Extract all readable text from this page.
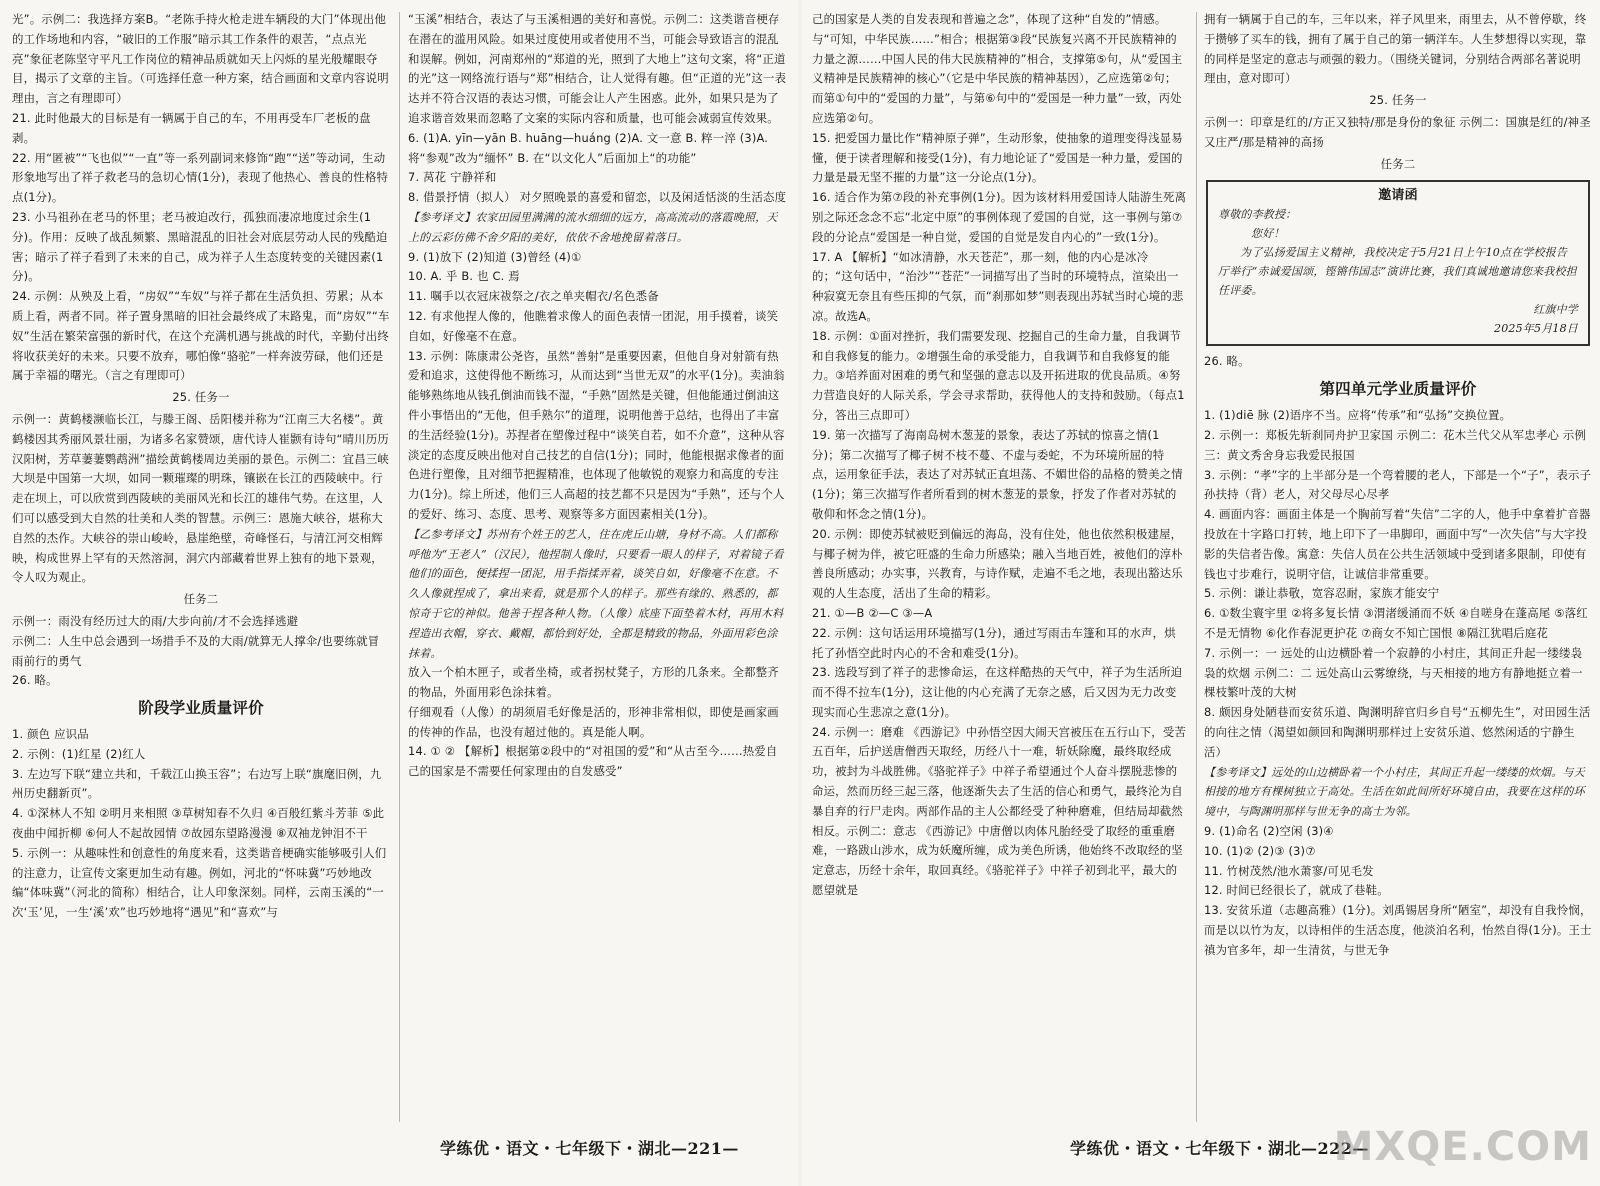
光”。示例二：我选择方案B。“老陈手持火枪走进车辆段的大门”体现出他的工作场地和内容，“破旧的工作服”暗示其工作条件的艰苦，“点点光亮”象征老陈坚守平凡工作岗位的精神品质就如天上闪烁的星光般耀眼夺目，揭示了文章的主旨。（可选择任意一种方案，结合画面和文章内容说明理由，言之有理即可）

21. 此时他最大的目标是有一辆属于自己的车，不用再受车厂老板的盘剥。

22. 用“匿被”“飞也似”“一直”等一系列副词来修饰“跑”“送”等动词，生动形象地写出了祥子救老马的急切心情(1分)，表现了他热心、善良的性格特点(1分)。

23. 小马祖孙在老马的怀里；老马被迫改行，孤独而凄凉地度过余生(1分)。作用：反映了战乱频繁、黑暗混乱的旧社会对底层劳动人民的残酷迫害；暗示了祥子看到了未来的自己，成为祥子人生态度转变的关键因素(1分)。

24. 示例：从殃及上看，“房奴”“车奴”与祥子都在生活负担、劳累；从本质上看，两者不同。祥子置身黑暗的旧社会最终成了末路鬼，而“房奴”“车奴”生活在繁荣富强的新时代，在这个充满机遇与挑战的时代，辛勤付出终将收获美好的未来。只要不放弃，哪怕像“骆驼”一样奔波劳碌，他们还是属于幸福的曙光。（言之有理即可）

25. 任务一

示例一：黄鹤楼濒临长江，与滕王阁、岳阳楼并称为“江南三大名楼”。黄鹤楼因其秀丽风景壮丽，为诸多名家赞颂，唐代诗人崔颢有诗句“晴川历历汉阳树，芳草萋萋鹦鹉洲”描绘黄鹤楼周边美丽的景色。示例二：宜昌三峡大坝是中国第一大坝，如同一颗璀璨的明珠，镶嵌在长江的西陵峡中。行走在坝上，可以欣赏到西陵峡的美丽风光和长江的雄伟气势。在这里，人们可以感受到大自然的壮美和人类的智慧。示例三：恩施大峡谷，堪称大自然的杰作。大峡谷的崇山峻岭，悬崖绝壁，奇峰怪石，与清江河交相辉映，构成世界上罕有的天然溶洞，洞穴内部藏着世界上独有的地下景观，令人叹为观止。

任务二

示例一：雨没有经历过大的雨/大步向前/才不会选择逃避

示例二：人生中总会遇到一场措手不及的大雨/就算无人撑伞/也要练就冒雨前行的勇气

26. 略。

阶段学业质量评价

1. 颜色 应识品

2. 示例：(1)红星 (2)红人

3. 左边写下联“建立共和，千载江山换玉容”；右边写上联“旗麾旧例，九州历史翻新页”。

4. ①深林人不知 ②明月来相照 ③草树知春不久归 ④百般红紫斗芳菲 ⑤此夜曲中闻折柳 ⑥何人不起故园情 ⑦故园东望路漫漫 ⑧双袖龙钟泪不干

5. 示例一：从趣味性和创意性的角度来看，这类谐音梗确实能够吸引人们的注意力，让宣传文案更加生动有趣。例如，河北的“怀味冀”巧妙地改编“体味冀”（河北的简称）相结合，让人印象深刻。同样，云南玉溪的“一次‘玉’见，一生‘溪’欢”也巧妙地将“遇见”和“喜欢”与

“玉溪”相结合，表达了与玉溪相遇的美好和喜悦。示例二：这类谐音梗存在潜在的滥用风险。如果过度使用或者使用不当，可能会导致语言的混乱和误解。例如，河南郑州的“郑道的光，照到了大地上”这句文案，将“正道的光”这一网络流行语与“郑”相结合，让人觉得有趣。但“正道的光”这一表达并不符合汉语的表达习惯，可能会让人产生困惑。此外，如果只是为了追求谐音效果而忽略了文案的实际内容和质量，也可能会减弱宣传效果。

6. (1)A. yīn—yān B. huāng—huáng (2)A. 文一意 B. 粹一淬 (3)A. 将“参观”改为“缅怀” B. 在“以文化人”后面加上“的功能”

7. 莴花 宁静祥和

8. 借景抒情（拟人） 对夕照晚景的喜爱和留恋，以及闲适恬淡的生活态度

【参考译文】农家田园里满满的流水细细的远方，高高流动的落霞晚照，天上的云彩仿佛不舍夕阳的美好，依依不舍地挽留着落日。

9. (1)放下 (2)知道 (3)曾经 (4)①

10. A. 乎 B. 也 C. 焉

11. 嘱手以衣冠床祓祭之/衣之单夹帽衣/名色悉备

12. 有求他捏人像的，他瞧着求像人的面色表情一团泥，用手摸着，谈笑自如，好像毫不在意。

13. 示例：陈康肃公尧咨，虽然“善射”是重要因素，但他自身对射箭有热爱和追求，这使得他不断练习，从而达到“当世无双”的水平(1分)。卖油翁能够熟练地从钱孔倒油而钱不湿，“手熟”固然是关键，但他能通过倒油这件小事悟出的“无他，但手熟尔”的道理，说明他善于总结，也得出了丰富的生活经验(1分)。苏捏者在塑像过程中“谈笑自若，如不介意”，这种从容淡定的态度反映出他对自己技艺的自信(1分)；同时，他能根据求像者的面色进行塑像，且对细节把握精准，也体现了他敏锐的观察力和高度的专注力(1分)。综上所述，他们三人高超的技艺都不只是因为“手熟”，还与个人的爱好、练习、态度、思考、观察等多方面因素相关(1分)。

【乙参考译文】苏州有个姓王的艺人，住在虎丘山塘，身材不高。人们都称呼他为“王老人”（汉民），他捏制人像时，只要看一眼人的样子，对着镜子看他们的面色，便揉捏一团泥，用手指揉弄着，谈笑自如，好像毫不在意。不久人像就捏成了，拿出来看，就是那个人的样子。那些有缘的、熟悉的，都惊奇于它的神似。他善于捏各种人物。（人像）底座下面垫着木材，再用木料捏造出衣帽，穿衣、戴帽，都恰到好处，全都是精致的物品，外面用彩色涂抹着。

放入一个柏木匣子，或者坐椅，或者拐杖凳子，方形的几条来。全都整齐的物品，外面用彩色涂抹着。

仔细观看（人像）的胡须眉毛好像是活的，形神非常相似，即使是画家画的传神的作品，也没有超过他的。真是能人啊。

14. ① ② 【解析】根据第②段中的“对祖国的爱”和“从古至今……热爱自己的国家是不需要任何家理由的自发感受”

学练优・语文・七年级下・湖北—221—

己的国家是人类的自发表现和普遍之念”，体现了这种“自发的”情感。与“可知，中华民族……”相合；根据第③段“民族复兴离不开民族精神的力量之源……中国人民的伟大民族精神的”相合，支撑第⑤句，从“爱国主义精神是民族精神的核心”（它是中华民族的精神基因），乙应选第②句；而第①句中的“爱国的力量”，与第⑥句中的“爱国是一种力量”一致，丙处应选第②句。

15. 把爱国力量比作“精神原子弹”，生动形象，使抽象的道理变得浅显易懂，便于读者理解和接受(1分)，有力地论证了“爱国是一种力量，爱国的力量是最无坚不摧的力量”这一分论点(1分)。

16. 适合作为第⑦段的补充事例(1分)。因为该材料用爱国诗人陆游生死离别之际还念念不忘“北定中原”的事例体现了爱国的自觉，这一事例与第⑦段的分论点“爱国是一种自觉，爱国的自觉是发自内心的”一致(1分)。

17. A 【解析】“如冰清静，水天苍茫”，那一刻，他的内心是冰冷的；“这句话中，“治沙”“苍茫”一词描写出了当时的环境特点，渲染出一种寂寞无奈且有些压抑的气氛，而“刹那如梦”则表现出苏轼当时心境的悲凉。故选A。

18. 示例：①面对挫折，我们需要发现、挖掘自己的生命力量，自我调节和自我修复的能力。②增强生命的承受能力，自我调节和自我修复的能力。③培养面对困难的勇气和坚强的意志以及开拓进取的优良品质。④努力营造良好的人际关系，学会寻求帮助，获得他人的支持和鼓励。（每点1分，答出三点即可）

19. 第一次描写了海南岛树木葱茏的景象，表达了苏轼的惊喜之情(1分)；第二次描写了椰子树不枝不蔓、不虚与委蛇，不为环境所屈的特点，运用象征手法，表达了对苏轼正直坦荡、不媚世俗的品格的赞美之情(1分)；第三次描写作者所看到的树木葱茏的景象，抒发了作者对苏轼的敬仰和怀念之情(1分)。

20. 示例：即使苏轼被贬到偏远的海岛，没有住处，他也依然积极建屋，与椰子树为伴，被它旺盛的生命力所感染；融入当地百姓，被他们的淳朴善良所感动；办实事，兴教育，与诗作赋，走遍不毛之地，表现出豁达乐观的人生态度，活出了生命的精彩。

21. ①—B ②—C ③—A

22. 示例：这句话运用环境描写(1分)，通过写雨击车篷和耳的水声，烘托了孙悟空此时内心的不舍和难受(1分)。

23. 选段写到了祥子的悲惨命运，在这样酷热的天气中，祥子为生活所迫而不得不拉车(1分)，这让他的内心充满了无奈之感，后又因为无力改变现实而心生悲凉之意(1分)。

24. 示例一：磨难 《西游记》中孙悟空因大闹天宫被压在五行山下，受苦五百年，后护送唐僧西天取经，历经八十一难，斩妖除魔，最终取经成功，被封为斗战胜佛。《骆驼祥子》中祥子希望通过个人奋斗摆脱悲惨的命运，然而历经三起三落，他逐渐失去了生活的信心和勇气，最终沦为自暴自弃的行尸走肉。两部作品的主人公都经受了种种磨难，但结局却截然相反。示例二：意志 《西游记》中唐僧以肉体凡胎经受了取经的重重磨难，一路跋山涉水，成为妖魔所缠，成为美色所诱，他始终不改取经的坚定意志，历经十余年，取回真经。《骆驼祥子》中祥子初到北平，最大的愿望就是

拥有一辆属于自己的车，三年以来，祥子风里来，雨里去，从不曾停歇，终于攒够了买车的钱，拥有了属于自己的第一辆洋车。人生梦想得以实现，靠的同样是坚定的意志与顽强的毅力。（围绕关键词，分别结合两部名著说明理由，意对即可）

25. 任务一

示例一：印章是红的/方正又独特/那是身份的象征 示例二：国旗是红的/神圣又庄严/那是精神的高扬

任务二

邀请函
尊敬的李教授：
您好！
为了弘扬爱国主义精神，我校决定于5月21日上午10点在学校报告厅举行“赤诚爱国颂，铿锵伟国志”演讲比赛，我们真诚地邀请您来我校担任评委。
红旗中学
2025年5月18日

26. 略。

第四单元学业质量评价

1. (1)diē 脉 (2)语序不当。应将“传承”和“弘扬”交换位置。

2. 示例一：郑板先斩刹同舟护卫家国 示例二：花木兰代父从军忠孝心 示例三：黄文秀舍身忘我爱民报国

3. 示例：“孝”字的上半部分是一个弯着腰的老人，下部是一个“子”，表示子孙扶持（背）老人，对父母尽心尽孝

4. 画面内容：画面主体是一个胸前写着“失信”二字的人，他手中拿着扩音器投放在十字路口打转，地上印下了一串脚印，画面中写“一次失信”与大字投影的失信者告像。寓意：失信人员在公共生活领域中受到诸多限制，印使有钱也寸步难行，说明守信，让诚信非常重要。

5. 示例：谦让恭敬，宽容忍耐，家族才能安宁

6. ①数尘寰宇里 ②将多复长情 ③渭渚缓涌而不妖 ④自嗟身在蓬高尾 ⑤落红不是无情物 ⑥化作春泥更护花 ⑦商女不知亡国恨 ⑧隔江犹唱后庭花

7. 示例一：一 远处的山边横卧着一个寂静的小村庄，其间正升起一缕缕袅袅的炊烟 示例二：二 远处高山云雾缭绕，与天相接的地方有静地挺立着一棵枝繁叶茂的大树

8. 颇因身处陋巷而安贫乐道、陶渊明辞官归乡自号“五柳先生”，对田园生活的向往之情（渴望如颜回和陶渊明那样过上安贫乐道、悠然闲适的宁静生活）

【参考译文】远处的山边横卧着一个小村庄，其间正升起一缕缕的炊烟。与天相接的地方有棵树独立于高处。生活在如此间所好环境自由，我要在这样的环境中，与陶渊明那样与世无争的高士为邻。

9. (1)命名 (2)空闲 (3)④

10. (1)② (2)③ (3)⑦

11. 竹树茂然/池水萧寥/可见毛发

12. 时间已经很长了，就成了巷鞋。

13. 安贫乐道（志趣高雅）(1分)。刘禹锡居身所“陋室”，却没有自我怜悯，而是以以竹为友，以诗相伴的生活态度，他淡泊名利，怡然自得(1分)。王士禛为官多年，却一生清贫，与世无争

学练优・语文・七年级下・湖北—222—
MXQE.COM
